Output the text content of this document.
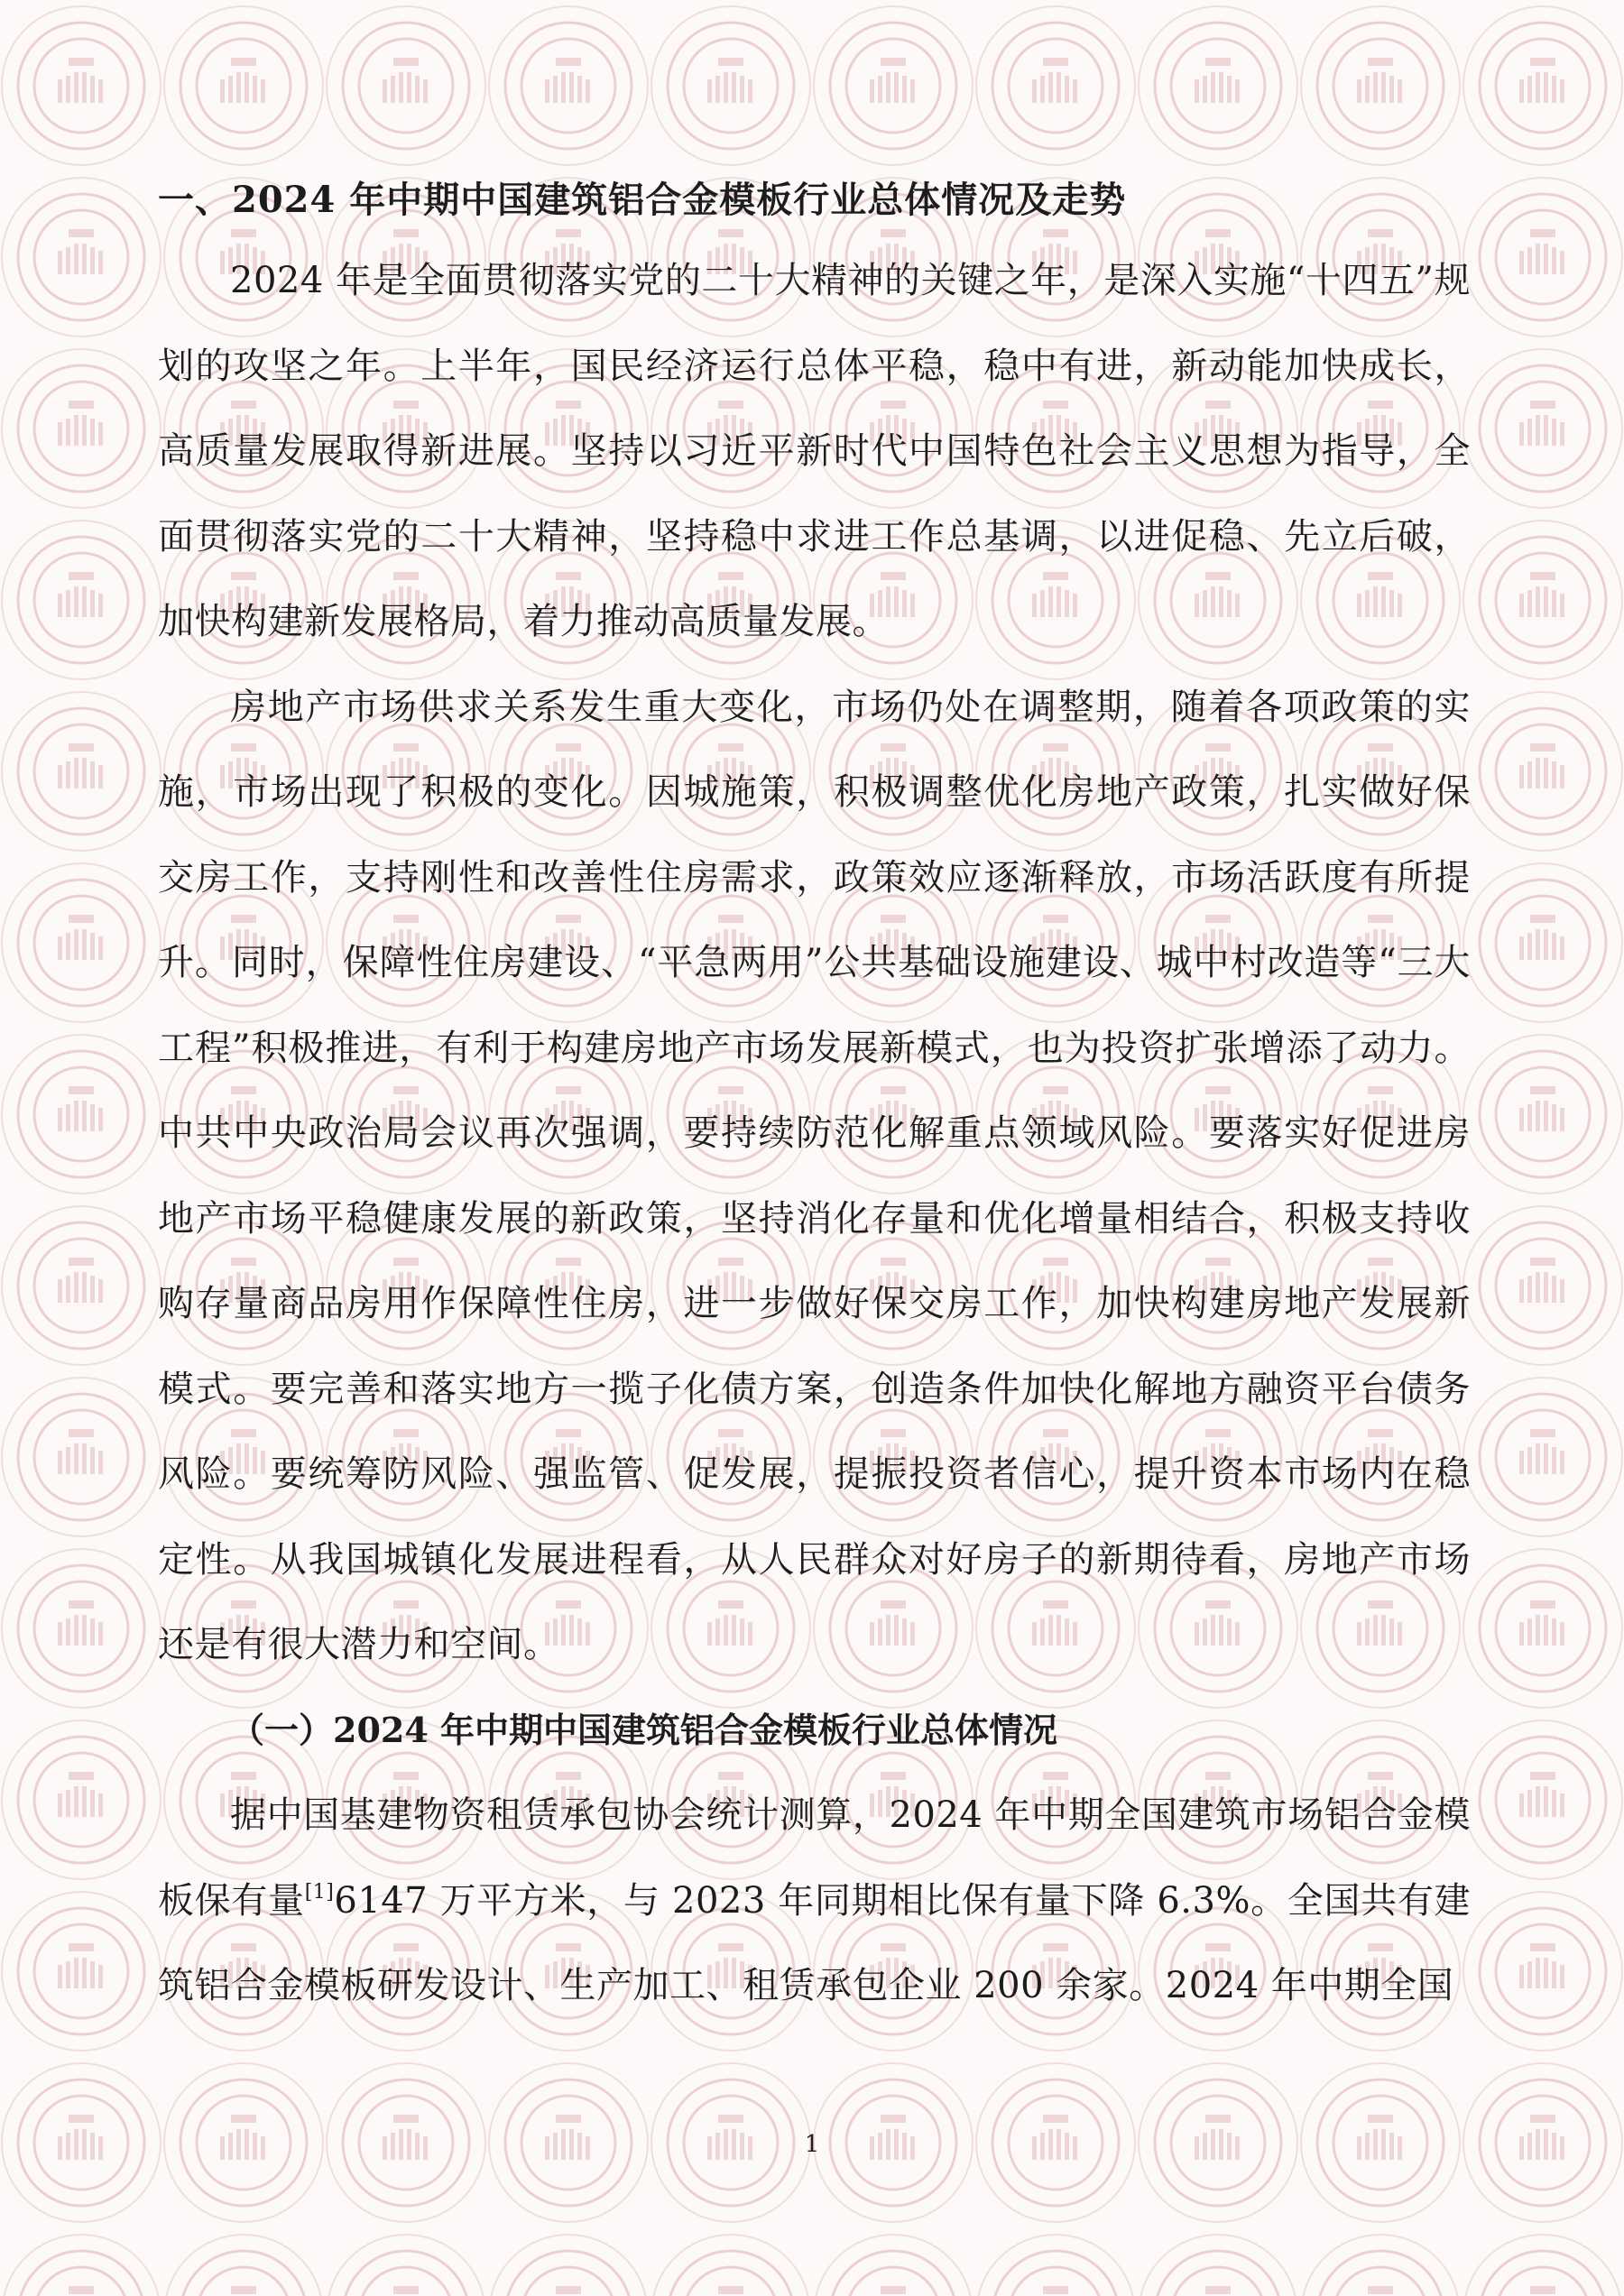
一、2024 年中期中国建筑铝合金模板行业总体情况及走势

2024 年是全面贯彻落实党的二十大精神的关键之年，是深入实施“十四五”规划的攻坚之年。上半年，国民经济运行总体平稳，稳中有进，新动能加快成长，高质量发展取得新进展。坚持以习近平新时代中国特色社会主义思想为指导，全面贯彻落实党的二十大精神，坚持稳中求进工作总基调，以进促稳、先立后破，加快构建新发展格局，着力推动高质量发展。

房地产市场供求关系发生重大变化，市场仍处在调整期，随着各项政策的实施，市场出现了积极的变化。因城施策，积极调整优化房地产政策，扎实做好保交房工作，支持刚性和改善性住房需求，政策效应逐渐释放，市场活跃度有所提升。同时，保障性住房建设、“平急两用”公共基础设施建设、城中村改造等“三大工程”积极推进，有利于构建房地产市场发展新模式，也为投资扩张增添了动力。中共中央政治局会议再次强调，要持续防范化解重点领域风险。要落实好促进房地产市场平稳健康发展的新政策，坚持消化存量和优化增量相结合，积极支持收购存量商品房用作保障性住房，进一步做好保交房工作，加快构建房地产发展新模式。要完善和落实地方一揽子化债方案，创造条件加快化解地方融资平台债务风险。要统筹防风险、强监管、促发展，提振投资者信心，提升资本市场内在稳定性。从我国城镇化发展进程看，从人民群众对好房子的新期待看，房地产市场还是有很大潜力和空间。

（一）2024 年中期中国建筑铝合金模板行业总体情况

据中国基建物资租赁承包协会统计测算，2024 年中期全国建筑市场铝合金模板保有量[1]6147 万平方米，与 2023 年同期相比保有量下降 6.3%。全国共有建筑铝合金模板研发设计、生产加工、租赁承包企业 200 余家。2024 年中期全国

1
